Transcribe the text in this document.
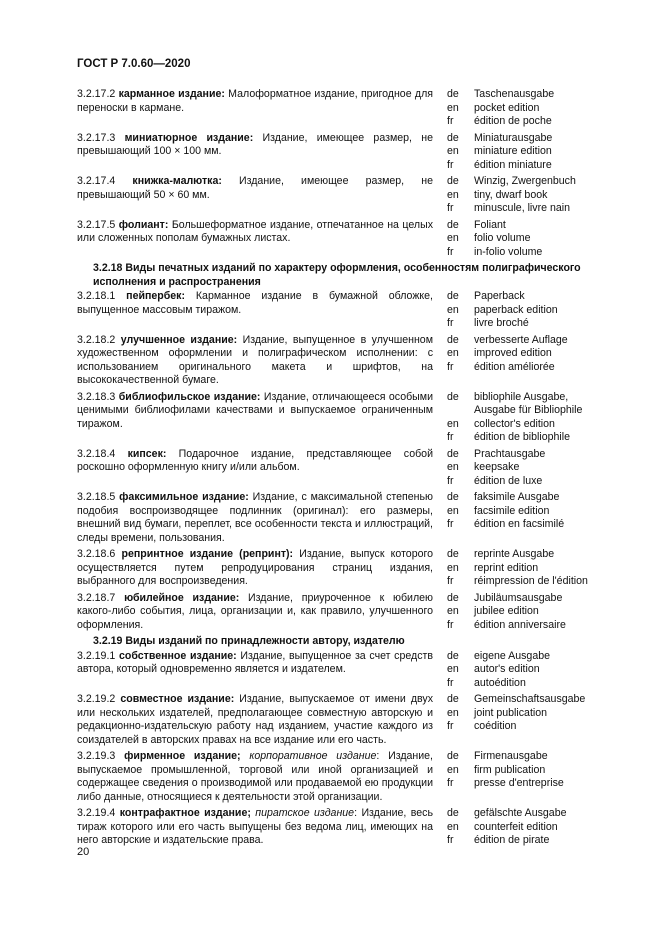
ГОСТ Р 7.0.60—2020
3.2.17.2 карманное издание: Малоформатное издание, пригодное для переноски в кармане.
de	Taschenausgabe
en	pocket edition
fr	édition de poche
3.2.17.3 миниатюрное издание: Издание, имеющее размер, не превышающий 100 × 100 мм.
de	Miniaturausgabe
en	miniature edition
fr	édition miniature
3.2.17.4 книжка-малютка: Издание, имеющее размер, не превышающий 50 × 60 мм.
de	Winzig, Zwergenbuch
en	tiny, dwarf book
fr	minuscule, livre nain
3.2.17.5 фолиант: Большеформатное издание, отпечатанное на целых или сложенных пополам бумажных листах.
de	Foliant
en	folio volume
fr	in-folio volume
3.2.18 Виды печатных изданий по характеру оформления, особенностям полиграфического исполнения и распространения
3.2.18.1 пейпербек: Карманное издание в бумажной обложке, выпущенное массовым тиражом.
de	Paperback
en	paperback edition
fr	livre broché
3.2.18.2 улучшенное издание: Издание, выпущенное в улучшенном художественном оформлении и полиграфическом исполнении: с использованием оригинального макета и шрифтов, на высококачественной бумаге.
de	verbesserte Auflage
en	improved edition
fr	édition améliorée
3.2.18.3 библиофильское издание: Издание, отличающееся особыми ценимыми библиофилами качествами и выпускаемое ограниченным тиражом.
de	bibliophile Ausgabe,
Ausgabe für Bibliophile
en	collector's edition
fr	édition de bibliophile
3.2.18.4 кипсек: Подарочное издание, представляющее собой роскошно оформленную книгу и/или альбом.
de	Prachtausgabe
en	keepsake
fr	édition de luxe
3.2.18.5 факсимильное издание: Издание, с максимальной степенью подобия воспроизводящее подлинник (оригинал): его размеры, внешний вид бумаги, переплет, все особенности текста и иллюстраций, следы времени, пользования.
de	faksimile Ausgabe
en	facsimile edition
fr	édition en facsimilé
3.2.18.6 репринтное издание (репринт): Издание, выпуск которого осуществляется путем репродуцирования страниц издания, выбранного для воспроизведения.
de	reprinte Ausgabe
en	reprint edition
fr	réimpression de l'édition
3.2.18.7 юбилейное издание: Издание, приуроченное к юбилею какого-либо события, лица, организации и, как правило, улучшенного оформления.
de	Jubiläumsausgabe
en	jubilee edition
fr	édition anniversaire
3.2.19 Виды изданий по принадлежности автору, издателю
3.2.19.1 собственное издание: Издание, выпущенное за счет средств автора, который одновременно является и издателем.
de	eigene Ausgabe
en	autor's edition
fr	autoédition
3.2.19.2 совместное издание: Издание, выпускаемое от имени двух или нескольких издателей, предполагающее совместную авторскую и редакционно-издательскую работу над изданием, участие каждого из соиздателей в авторских правах на все издание или его часть.
de	Gemeinschaftsausgabe
en	joint publication
fr	coédition
3.2.19.3 фирменное издание; корпоративное издание: Издание, выпускаемое промышленной, торговой или иной организацией и содержащее сведения о производимой или продаваемой ею продукции либо данные, относящиеся к деятельности этой организации.
de	Firmenausgabe
en	firm publication
fr	presse d'entreprise
3.2.19.4 контрафактное издание; пиратское издание: Издание, весь тираж которого или его часть выпущены без ведома лиц, имеющих на него авторские и издательские права.
de	gefälschte Ausgabe
en	counterfeit edition
fr	édition de pirate
20
